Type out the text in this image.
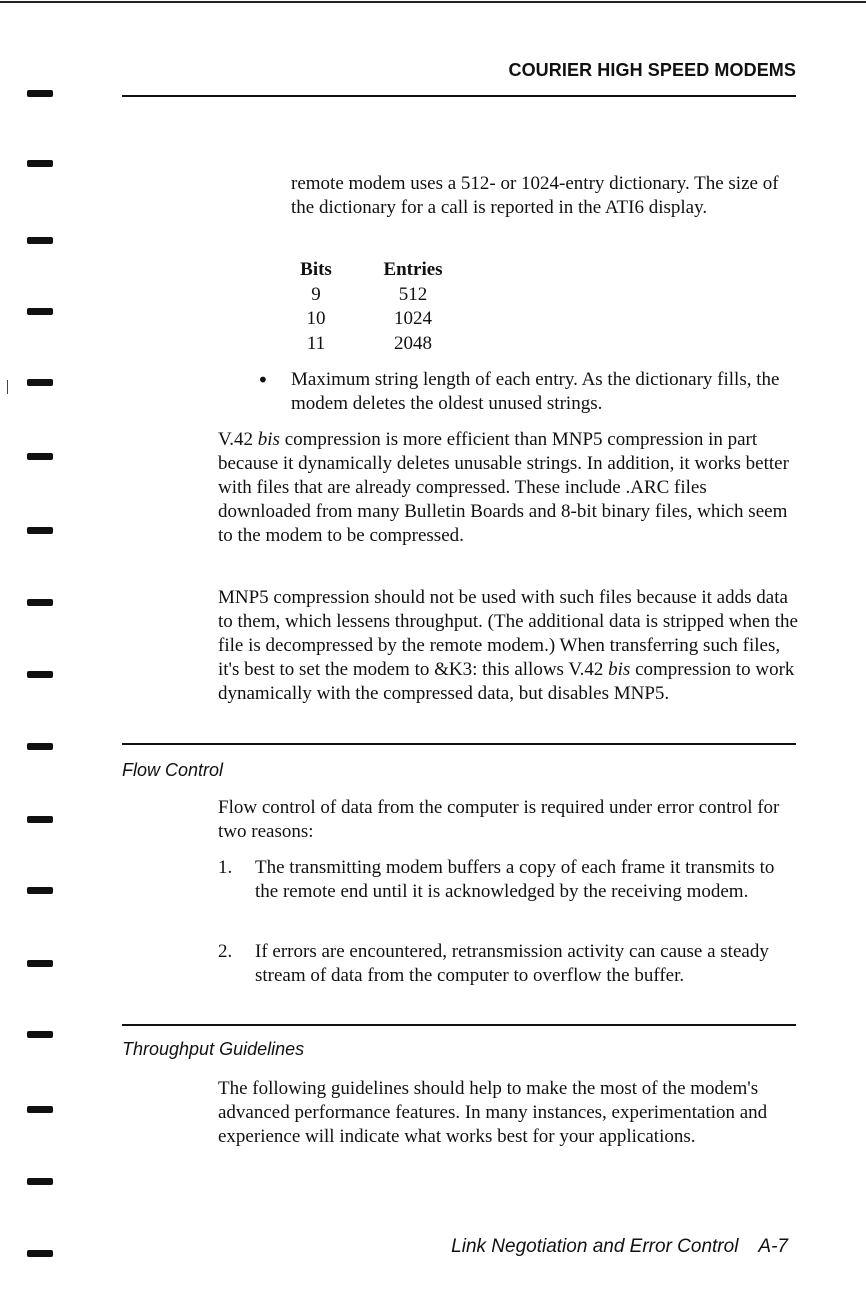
COURIER HIGH SPEED MODEMS

remote modem uses a 512- or 1024-entry dictionary. The size of the dictionary for a call is reported in the ATI6 display.

Bits		Entries
9		512
10		1024
11		2048
• Maximum string length of each entry. As the dictionary fills, the modem deletes the oldest unused strings.

V.42 bis compression is more efficient than MNP5 compression in part because it dynamically deletes unusable strings. In addition, it works better with files that are already compressed. These include .ARC files downloaded from many Bulletin Boards and 8-bit binary files, which seem to the modem to be compressed.

MNP5 compression should not be used with such files because it adds data to them, which lessens throughput. (The additional data is stripped when the file is decompressed by the remote modem.) When transferring such files, it's best to set the modem to &K3: this allows V.42 bis compression to work dynamically with the compressed data, but disables MNP5.

Flow Control

Flow control of data from the computer is required under error control for two reasons:

1. The transmitting modem buffers a copy of each frame it transmits to the remote end until it is acknowledged by the receiving modem.

2. If errors are encountered, retransmission activity can cause a steady stream of data from the computer to overflow the buffer.

Throughput Guidelines

The following guidelines should help to make the most of the modem's advanced performance features. In many instances, experimentation and experience will indicate what works best for your applications.

Link Negotiation and Error Control A-7
